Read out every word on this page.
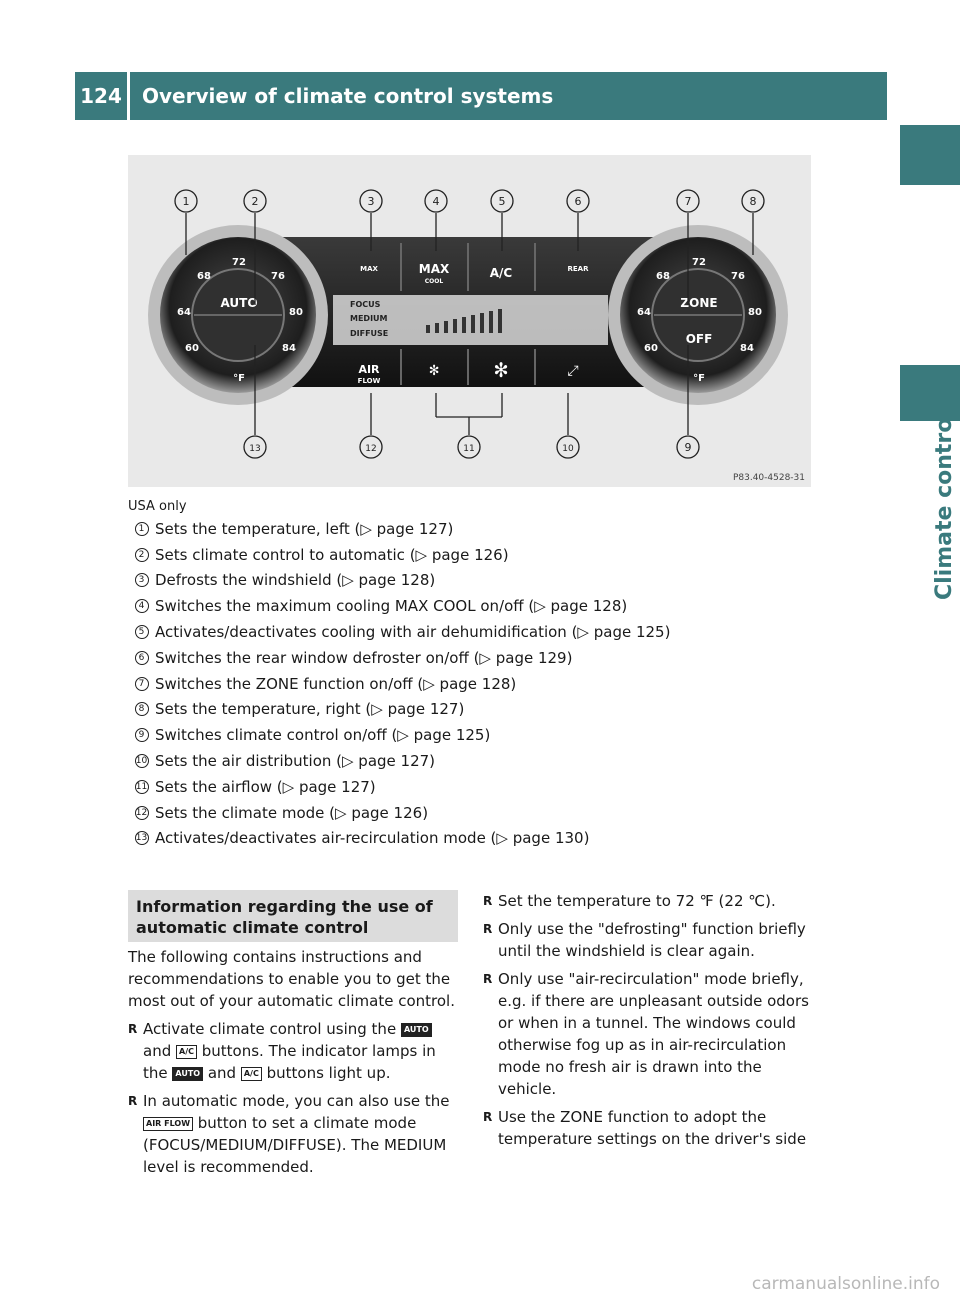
124	Overview of climate control systems
Climate control
68
72
76
64	80
60	84
AUTO
°F
68
72
76
64	80
60	84
ZONE
OFF
°F
MAX	MAX
COOL
A/C	REAR
AIR
FLOW
FOCUS
MEDIUM
DIFFUSE
✻	✻	⤢
1	2	3	4	5	6	7	8
13	12	11	10	9
P83.40-4528-31
USA only
1 Sets the temperature, left (▷ page 127)
2 Sets climate control to automatic (▷ page 126)
3 Defrosts the windshield (▷ page 128)
4 Switches the maximum cooling MAX COOL on/off (▷ page 128)
5 Activates/deactivates cooling with air dehumidification (▷ page 125)
6 Switches the rear window defroster on/off (▷ page 129)
7 Switches the ZONE function on/off (▷ page 128)
8 Sets the temperature, right (▷ page 127)
9 Switches climate control on/off (▷ page 125)
10 Sets the air distribution (▷ page 127)
11 Sets the airflow (▷ page 127)
12 Sets the climate mode (▷ page 126)
13 Activates/deactivates air-recirculation mode (▷ page 130)
Information regarding the use of automatic climate control

The following contains instructions and recommendations to enable you to get the most out of your automatic climate control.

R Activate climate control using the AUTO and A/C buttons. The indicator lamps in the AUTO and A/C buttons light up.
R In automatic mode, you can also use the AIR FLOW button to set a climate mode (FOCUS/MEDIUM/DIFFUSE). The MEDIUM level is recommended.
R Set the temperature to 72 ℉ (22 ℃).
R Only use the "defrosting" function briefly until the windshield is clear again.
R Only use "air-recirculation" mode briefly, e.g. if there are unpleasant outside odors or when in a tunnel. The windows could otherwise fog up as in air-recirculation mode no fresh air is drawn into the vehicle.
R Use the ZONE function to adopt the temperature settings on the driver's side
carmanualsonline.info
